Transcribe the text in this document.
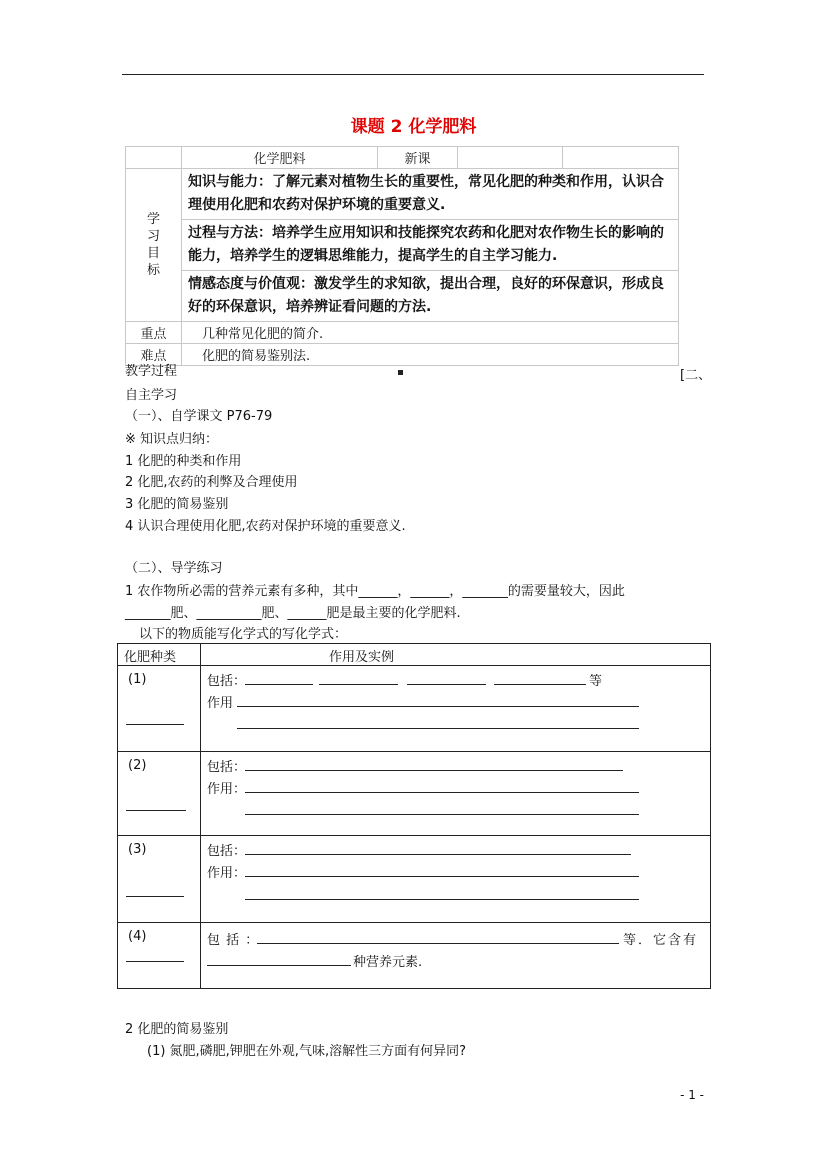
课题 2 化学肥料
	化学肥料	新课		

学
习
目
标	知识与能力：了解元素对植物生长的重要性，常见化肥的种类和作用，认识合理使用化肥和农药对保护环境的重要意义.			
	过程与方法：培养学生应用知识和技能探究农药和化肥对农作物生长的影响的能力，培养学生的逻辑思维能力，提高学生的自主学习能力.			
	情感态度与价值观：激发学生的求知欲，提出合理，良好的环保意识，形成良好的环保意识，培养辨证看问题的方法.			
重点	几种常见化肥的简介.			
难点	化肥的简易鉴别法.			
教学过程	[二、
自主学习
（一）、自学课文 P76-79
※ 知识点归纳：
1 化肥的种类和作用
2 化肥,农药的利弊及合理使用
3 化肥的简易鉴别
4 认识合理使用化肥,农药对保护环境的重要意义.
（二）、导学练习
1 农作物所必需的营养元素有多种，其中______，______，_______的需要量较大，因此
_______肥、__________肥、______肥是最主要的化学肥料.
以下的物质能写化学式的写化学式：
化肥种类	作用及实例

(1)	包括： 等
作用

(2)	包括：
作用：

(3)	包括：
作用：

(4)	包 括 ： 等．它含有
种营养元素.
2 化肥的简易鉴别
(1) 氮肥,磷肥,钾肥在外观,气味,溶解性三方面有何异同?
- 1 -
